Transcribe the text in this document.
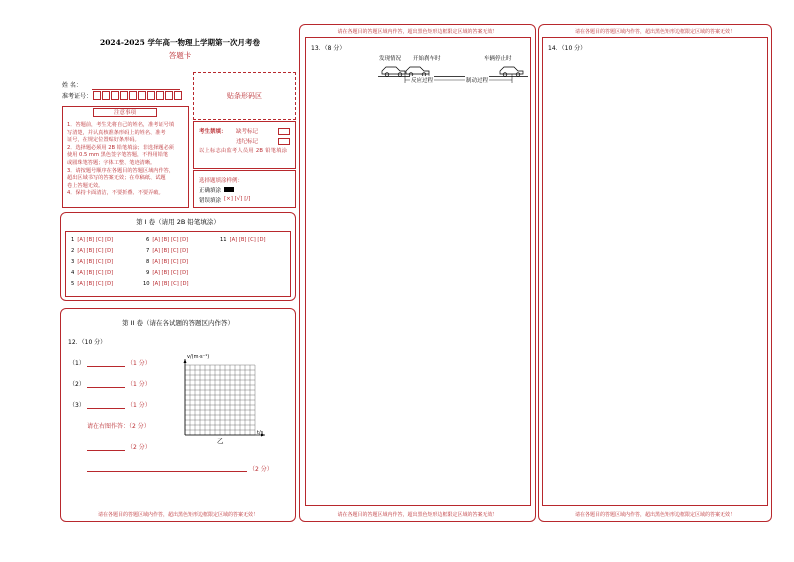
2024-2025 学年高一物理上学期第一次月考卷
答题卡
姓 名：
准考证号：	贴条形码区
注意事项
1．答题前，考生先将自己的姓名，准考证号填
写清楚，并认真核准条形码上的姓名、准考
证号，在规定位置贴好条形码。
2．选择题必须用 2B 铅笔填涂；非选择题必须
使用 0.5 mm 黑色签字笔答题，不得用铅笔
或圆珠笔答题；字体工整、笔迹清晰。
3．请按题号顺序在各题目的答题区域内作答，
超出区域书写的答案无效；在草稿纸、试题
卷上答题无效。
4．保持卡面清洁，不要折叠、不要弄破。
考生禁填： 缺考标记
违纪标记
以上标志由监考人员用 2B 铅笔填涂
选择题填涂样例：
正确填涂
错误填涂 [×] [√] [/]
第 I 卷（请用 2B 铅笔填涂）
1 [A] [B] [C] [D]
2 [A] [B] [C] [D]
3 [A] [B] [C] [D]
4 [A] [B] [C] [D]
5 [A] [B] [C] [D]
6 [A] [B] [C] [D]
7 [A] [B] [C] [D]
8 [A] [B] [C] [D]
9 [A] [B] [C] [D]
10 [A] [B] [C] [D]
11 [A] [B] [C] [D]
第 II 卷（请在各试题的答题区内作答）
12．（10 分）
（1）	（1 分）
（2）	（1 分）
（3）	（1 分）
请在右图作答：（2 分）
（2 分）
（2 分）
v/(m·s⁻¹)
t/s
乙
请在各题目的答题区域内作答，超出黑色矩形边框限定区域的答案无效！
请在各题目的答题区域内作答，超出黑色矩形边框限定区域的答案无效！
13．（8 分）
发现情况 开始刹车时	车辆停止时
反应过程	制动过程
请在各题目的答题区域内作答，超出黑色矩形边框限定区域的答案无效！
请在各题目的答题区域内作答，超出黑色矩形边框限定区域的答案无效！
14．（10 分）
请在各题目的答题区域内作答，超出黑色矩形边框限定区域的答案无效！
